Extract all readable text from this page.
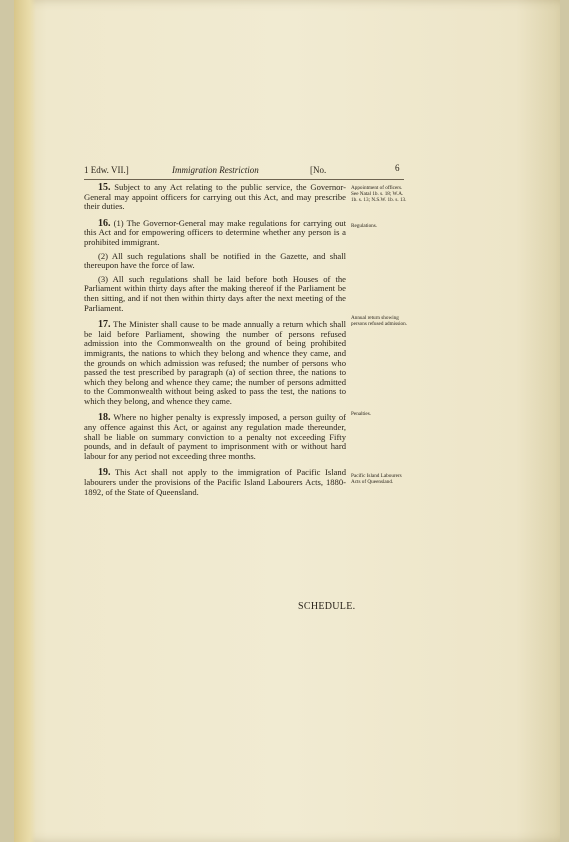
1 Edw. VII.]	Immigration Restriction	[No.	6

15. Subject to any Act relating to the public service, the Governor-General may appoint officers for carrying out this Act, and may prescribe their duties.

16. (1) The Governor-General may make regulations for carrying out this Act and for empowering officers to determine whether any person is a prohibited immigrant.

(2) All such regulations shall be notified in the Gazette, and shall thereupon have the force of law.

(3) All such regulations shall be laid before both Houses of the Parliament within thirty days after the making thereof if the Parliament be then sitting, and if not then within thirty days after the next meeting of the Parliament.

17. The Minister shall cause to be made annually a return which shall be laid before Parliament, showing the number of persons refused admission into the Commonwealth on the ground of being prohibited immigrants, the nations to which they belong and whence they came, and the grounds on which admission was refused; the number of persons who passed the test prescribed by paragraph (a) of section three, the nations to which they belong and whence they came; the number of persons admitted to the Commonwealth without being asked to pass the test, the nations to which they belong, and whence they came.

18. Where no higher penalty is expressly imposed, a person guilty of any offence against this Act, or against any regulation made thereunder, shall be liable on summary conviction to a penalty not exceeding Fifty pounds, and in default of payment to imprisonment with or without hard labour for any period not exceeding three months.

19. This Act shall not apply to the immigration of Pacific Island labourers under the provisions of the Pacific Island Labourers Acts, 1880-1892, of the State of Queensland.

Appointment of officers. See Natal 1b. s. 18; W.A. 1b. s. 13; N.S.W. 1b. s. 13.
Regulations.
Annual return showing persons refused admission.
Penalties.
Pacific Island Labourers Acts of Queensland.
SCHEDULE.
